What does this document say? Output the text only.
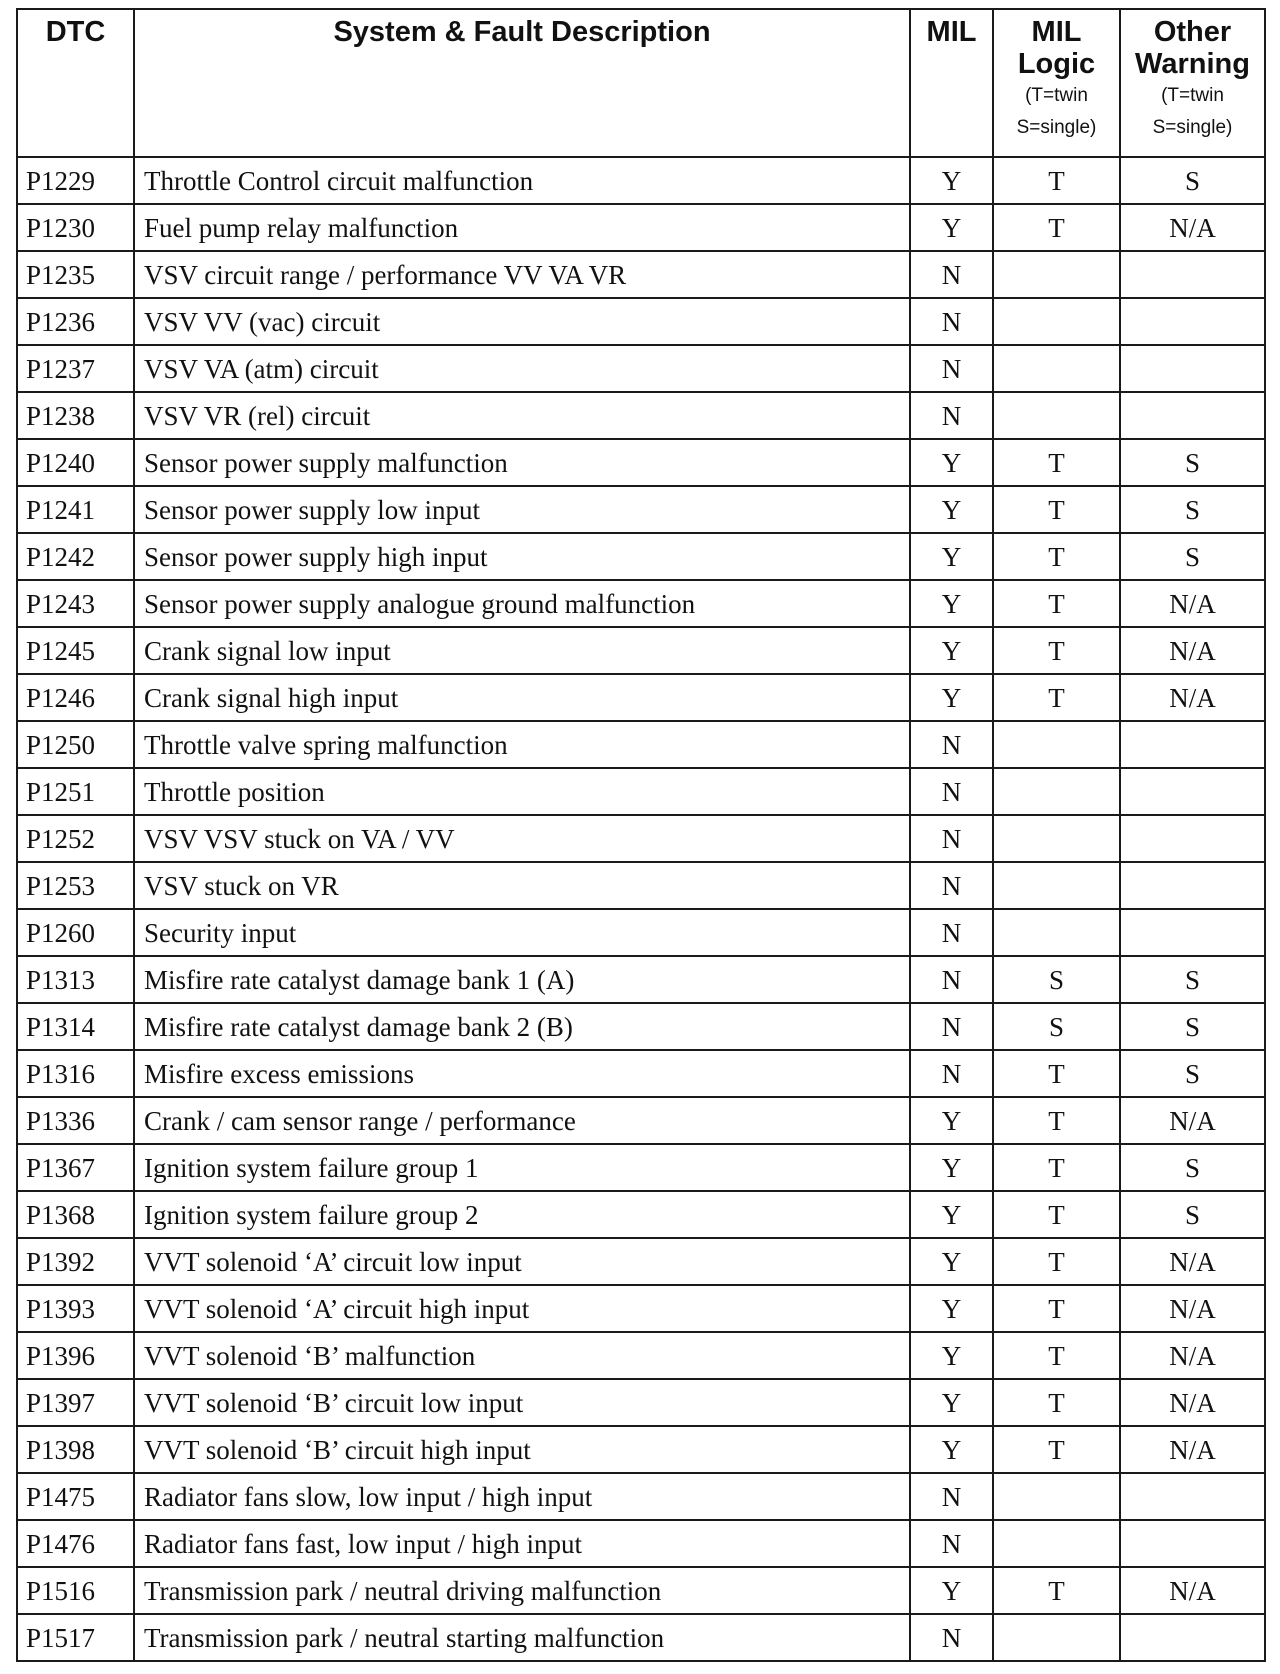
DTC	System & Fault Description	MIL	MIL Logic
(T=twin
S=single)	Other Warning
(T=twin
S=single)

P1229	Throttle Control circuit malfunction	Y	T	S
P1230	Fuel pump relay malfunction	Y	T	N/A
P1235	VSV circuit range / performance VV VA VR	N		
P1236	VSV VV (vac) circuit	N		
P1237	VSV VA (atm) circuit	N		
P1238	VSV VR (rel) circuit	N		
P1240	Sensor power supply malfunction	Y	T	S
P1241	Sensor power supply low input	Y	T	S
P1242	Sensor power supply high input	Y	T	S
P1243	Sensor power supply analogue ground malfunction	Y	T	N/A
P1245	Crank signal low input	Y	T	N/A
P1246	Crank signal high input	Y	T	N/A
P1250	Throttle valve spring malfunction	N		
P1251	Throttle position	N		
P1252	VSV VSV stuck on VA / VV	N		
P1253	VSV stuck on VR	N		
P1260	Security input	N		
P1313	Misfire rate catalyst damage bank 1 (A)	N	S	S
P1314	Misfire rate catalyst damage bank 2 (B)	N	S	S
P1316	Misfire excess emissions	N	T	S
P1336	Crank / cam sensor range / performance	Y	T	N/A
P1367	Ignition system failure group 1	Y	T	S
P1368	Ignition system failure group 2	Y	T	S
P1392	VVT solenoid ‘A’ circuit low input	Y	T	N/A
P1393	VVT solenoid ‘A’ circuit high input	Y	T	N/A
P1396	VVT solenoid ‘B’ malfunction	Y	T	N/A
P1397	VVT solenoid ‘B’ circuit low input	Y	T	N/A
P1398	VVT solenoid ‘B’ circuit high input	Y	T	N/A
P1475	Radiator fans slow, low input / high input	N		
P1476	Radiator fans fast, low input / high input	N		
P1516	Transmission park / neutral driving malfunction	Y	T	N/A
P1517	Transmission park / neutral starting malfunction	N		
